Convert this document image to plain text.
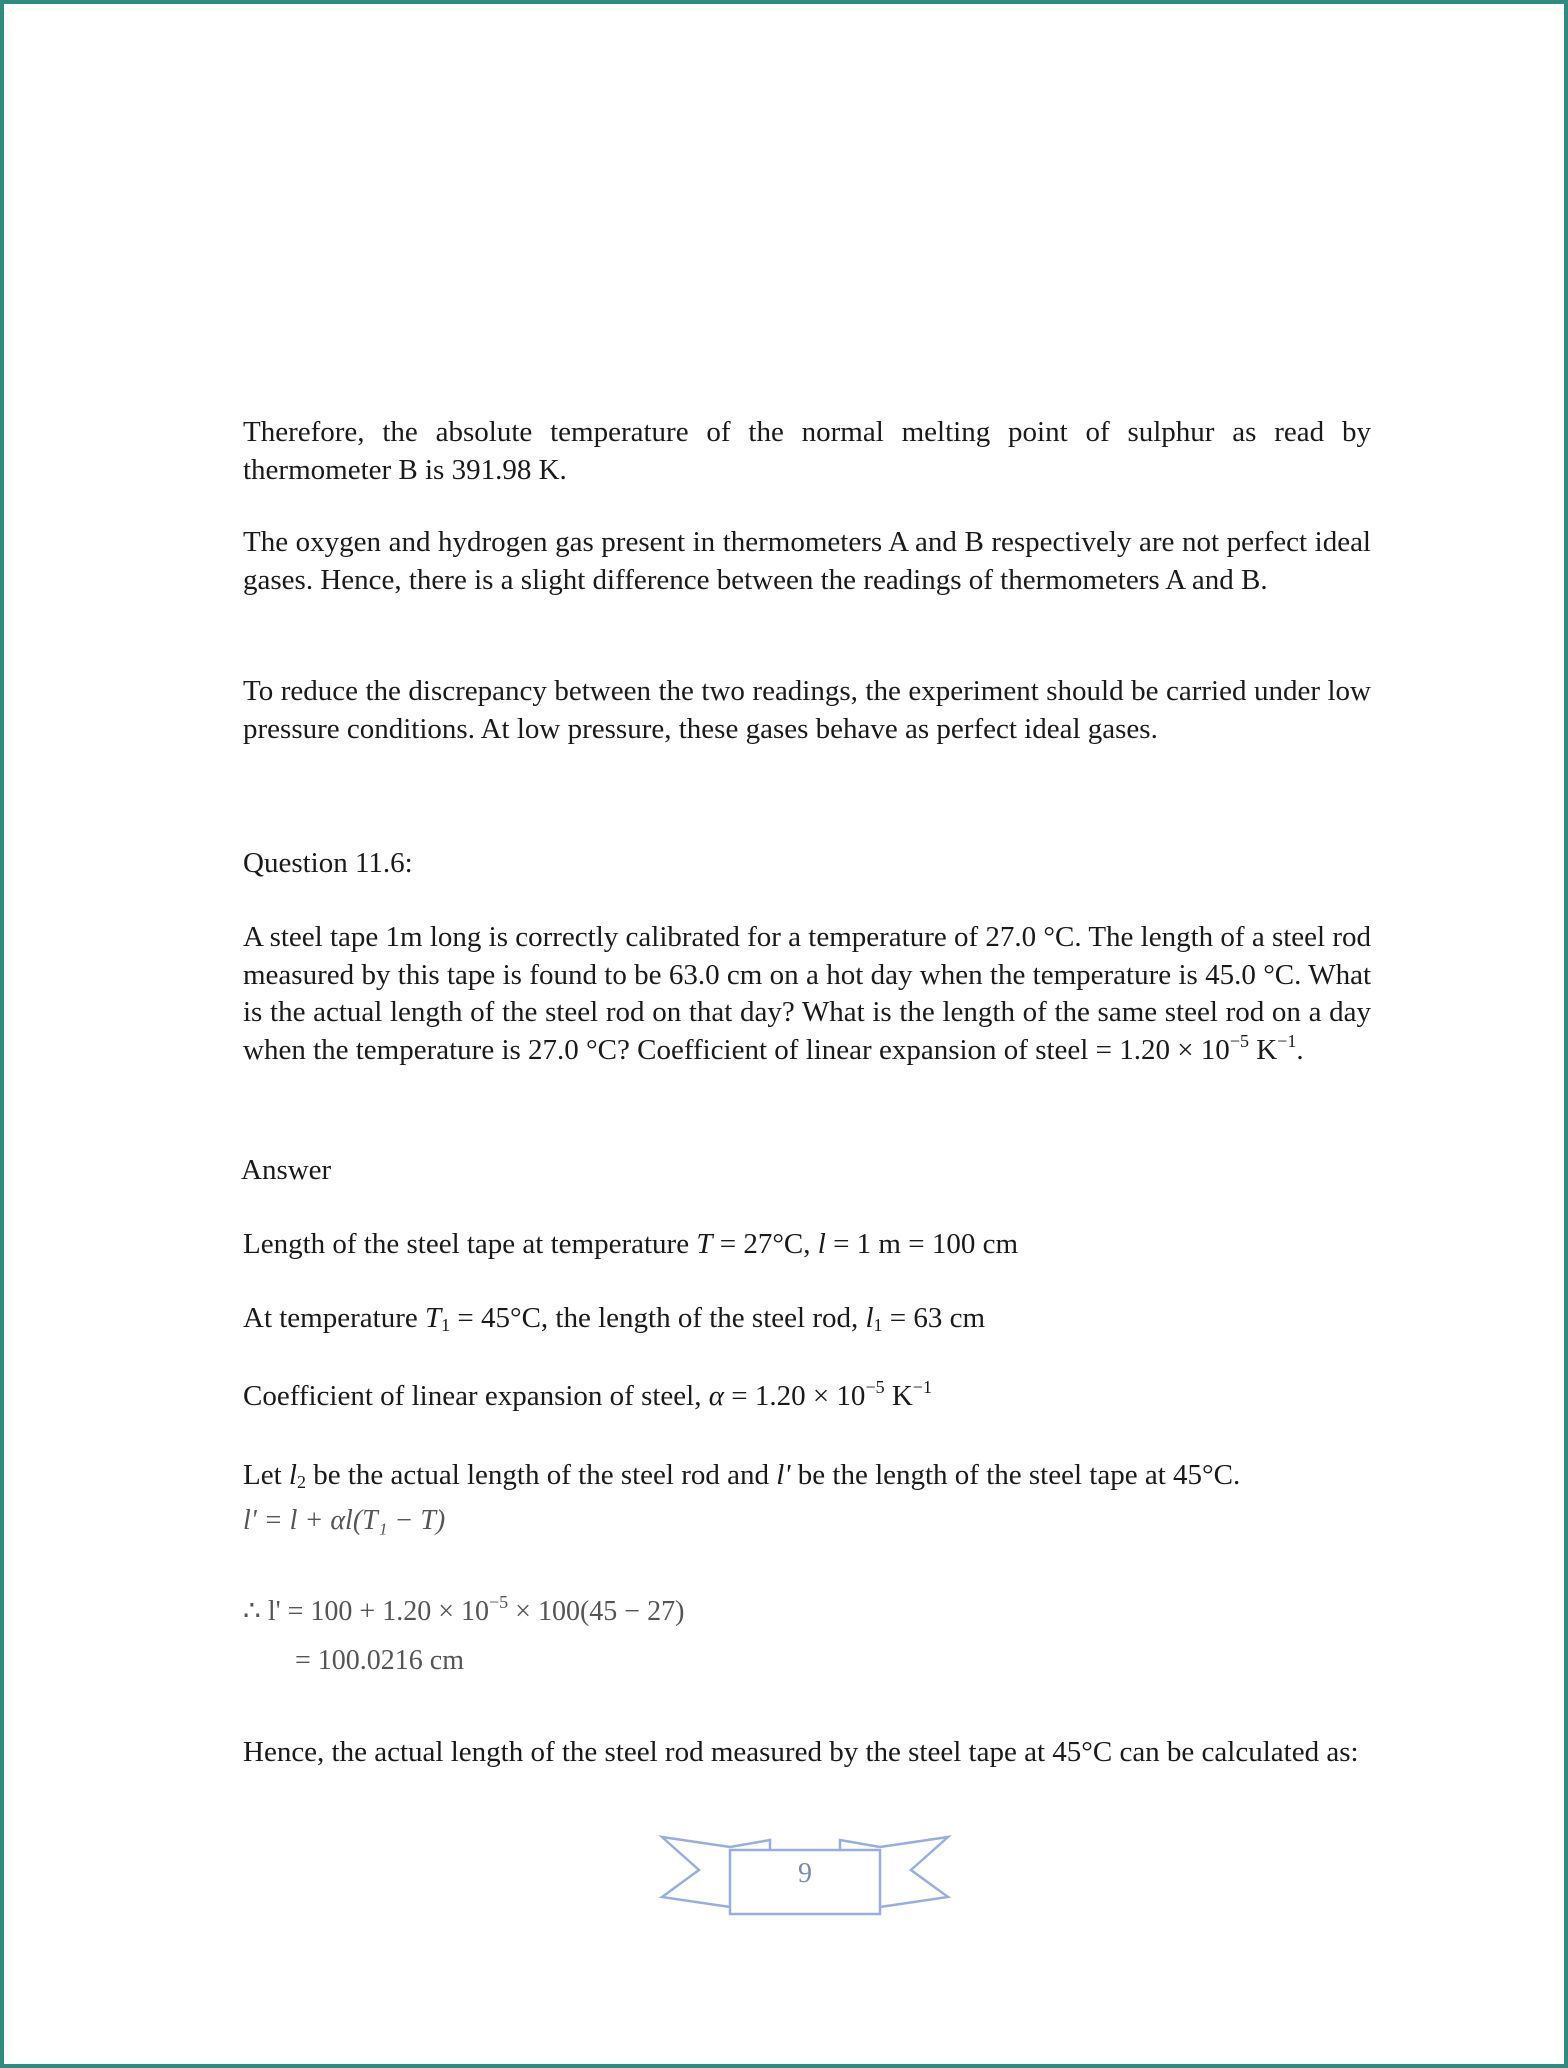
Therefore, the absolute temperature of the normal melting point of sulphur as read by thermometer B is 391.98 K.
The oxygen and hydrogen gas present in thermometers A and B respectively are not perfect ideal gases. Hence, there is a slight difference between the readings of thermometers A and B.
To reduce the discrepancy between the two readings, the experiment should be carried under low pressure conditions. At low pressure, these gases behave as perfect ideal gases.
Question 11.6:
A steel tape 1m long is correctly calibrated for a temperature of 27.0 °C. The length of a steel rod measured by this tape is found to be 63.0 cm on a hot day when the temperature is 45.0 °C. What is the actual length of the steel rod on that day? What is the length of the same steel rod on a day when the temperature is 27.0 °C? Coefficient of linear expansion of steel = $1.20 \times 10^{-5}$ $K^{-1}$.
Answer
Length of the steel tape at temperature T = 27°C, l = 1 m = 100 cm
At temperature $T_1 = 45^\circ C$, the length of the steel rod, $l_1 = 63$ cm
Coefficient of linear expansion of steel, $\alpha = 1.20 \times 10^{-5}$ $K^{-1}$
Let $l_2$ be the actual length of the steel rod and l' be the length of the steel tape at 45°C.
l' = l + αl(T₁ − T)
∴ $l' = 100 + 1.20 \times 10^{-5} \times 100(45 - 27)$
= 100.0216 cm
Hence, the actual length of the steel rod measured by the steel tape at 45°C can be calculated as:
9
